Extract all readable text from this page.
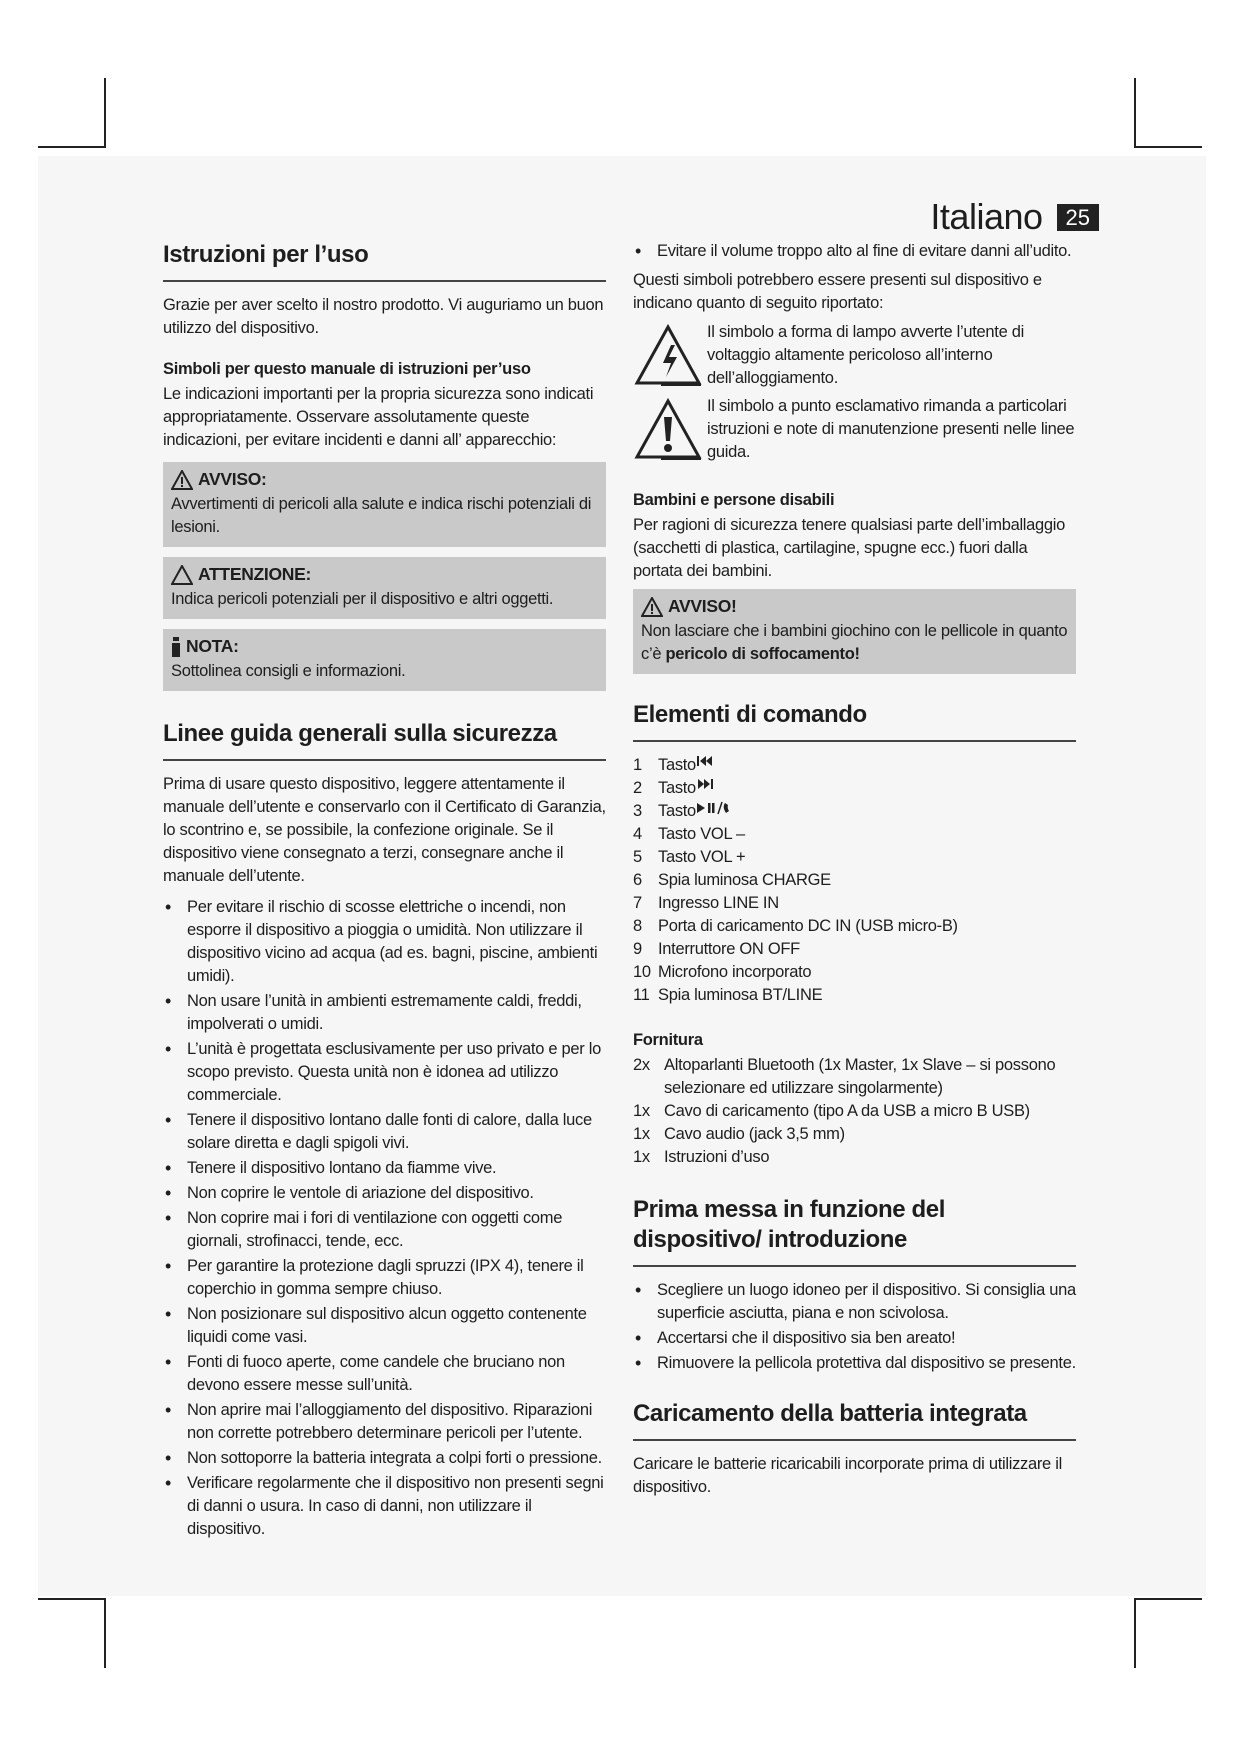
Italiano	25
Istruzioni per l’uso

Grazie per aver scelto il nostro prodotto. Vi auguriamo un buon utilizzo del dispositivo.

Simboli per questo manuale di istruzioni per’uso

Le indicazioni importanti per la propria sicurezza sono indicati appropriatamente. Osservare assolutamente queste indicazioni, per evitare incidenti e danni all’ apparecchio:

AVVISO:
Avvertimenti di pericoli alla salute e indica rischi potenziali di lesioni.
ATTENZIONE:
Indica pericoli potenziali per il dispositivo e altri oggetti.
NOTA:
Sottolinea consigli e informazioni.
Linee guida generali sulla sicurezza

Prima di usare questo dispositivo, leggere attentamente il manuale dell’utente e conservarlo con il Certificato di Garanzia, lo scontrino e, se possibile, la confezione originale. Se il dispositivo viene consegnato a terzi, consegnare anche il manuale dell’utente.

• Per evitare il rischio di scosse elettriche o incendi, non esporre il dispositivo a pioggia o umidità. Non utilizzare il dispositivo vicino ad acqua (ad es. bagni, piscine, ambienti umidi).
• Non usare l’unità in ambienti estremamente caldi, freddi, impolverati o umidi.
• L’unità è progettata esclusivamente per uso privato e per lo scopo previsto. Questa unità non è idonea ad utilizzo commerciale.
• Tenere il dispositivo lontano dalle fonti di calore, dalla luce solare diretta e dagli spigoli vivi.
• Tenere il dispositivo lontano da fiamme vive.
• Non coprire le ventole di ariazione del dispositivo.
• Non coprire mai i fori di ventilazione con oggetti come giornali, strofinacci, tende, ecc.
• Per garantire la protezione dagli spruzzi (IPX 4), tenere il coperchio in gomma sempre chiuso.
• Non posizionare sul dispositivo alcun oggetto contenente liquidi come vasi.
• Fonti di fuoco aperte, come candele che bruciano non devono essere messe sull’unità.
• Non aprire mai l’alloggiamento del dispositivo. Riparazioni non corrette potrebbero determinare pericoli per l’utente.
• Non sottoporre la batteria integrata a colpi forti o pressione.
• Verificare regolarmente che il dispositivo non presenti segni di danni o usura. In caso di danni, non utilizzare il dispositivo.
• Evitare il volume troppo alto al fine di evitare danni all’udito.

Questi simboli potrebbero essere presenti sul dispositivo e indicano quanto di seguito riportato:

Il simbolo a forma di lampo avverte l’utente di voltaggio altamente pericoloso all’interno dell’alloggiamento.
Il simbolo a punto esclamativo rimanda a particolari istruzioni e note di manutenzione presenti nelle linee guida.
Bambini e persone disabili

Per ragioni di sicurezza tenere qualsiasi parte dell’imballaggio (sacchetti di plastica, cartilagine, spugne ecc.) fuori dalla portata dei bambini.

AVVISO!
Non lasciare che i bambini giochino con le pellicole in quanto c’è pericolo di soffocamento!
Elementi di comando
1 Tasto
2 Tasto
3 Tasto
4 Tasto VOL –
5 Tasto VOL +
6 Spia luminosa CHARGE
7 Ingresso LINE IN
8 Porta di caricamento DC IN (USB micro-B)
9 Interruttore ON OFF
10 Microfono incorporato
11 Spia luminosa BT/LINE
Fornitura
2x Altoparlanti Bluetooth (1x Master, 1x Slave – si possono selezionare ed utilizzare singolarmente)
1x Cavo di caricamento (tipo A da USB a micro B USB)
1x Cavo audio (jack 3,5 mm)
1x Istruzioni d’uso
Prima messa in funzione del dispositivo/ introduzione
• Scegliere un luogo idoneo per il dispositivo. Si consiglia una superficie asciutta, piana e non scivolosa.
• Accertarsi che il dispositivo sia ben areato!
• Rimuovere la pellicola protettiva dal dispositivo se presente.
Caricamento della batteria integrata

Caricare le batterie ricaricabili incorporate prima di utilizzare il dispositivo.
